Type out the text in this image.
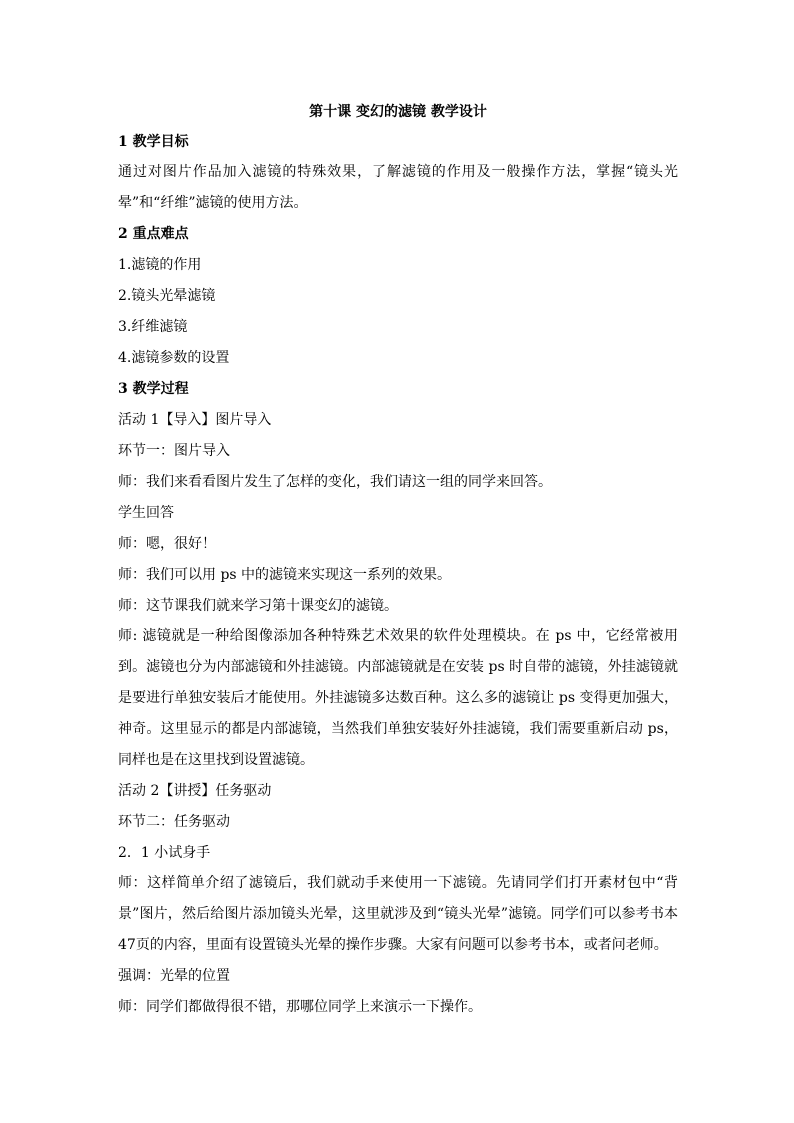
第十课 变幻的滤镜 教学设计
1 教学目标
通过对图片作品加入滤镜的特殊效果，了解滤镜的作用及一般操作方法，掌握“镜头光晕”和“纤维”滤镜的使用方法。
2 重点难点
1.滤镜的作用
2.镜头光晕滤镜
3.纤维滤镜
4.滤镜参数的设置
3 教学过程
活动 1【导入】图片导入
环节一：图片导入
师：我们来看看图片发生了怎样的变化，我们请这一组的同学来回答。
学生回答
师：嗯，很好！
师：我们可以用 ps 中的滤镜来实现这一系列的效果。
师：这节课我们就来学习第十课变幻的滤镜。
师: 滤镜就是一种给图像添加各种特殊艺术效果的软件处理模块。在 ps 中，它经常被用到。滤镜也分为内部滤镜和外挂滤镜。内部滤镜就是在安装 ps 时自带的滤镜，外挂滤镜就是要进行单独安装后才能使用。外挂滤镜多达数百种。这么多的滤镜让 ps 变得更加强大，神奇。这里显示的都是内部滤镜，当然我们单独安装好外挂滤镜，我们需要重新启动 ps，同样也是在这里找到设置滤镜。
活动 2【讲授】任务驱动
环节二：任务驱动
2．1 小试身手
师：这样简单介绍了滤镜后，我们就动手来使用一下滤镜。先请同学们打开素材包中“背景”图片，然后给图片添加镜头光晕，这里就涉及到“镜头光晕”滤镜。同学们可以参考书本 47页的内容，里面有设置镜头光晕的操作步骤。大家有问题可以参考书本，或者问老师。
强调：光晕的位置
师：同学们都做得很不错，那哪位同学上来演示一下操作。
